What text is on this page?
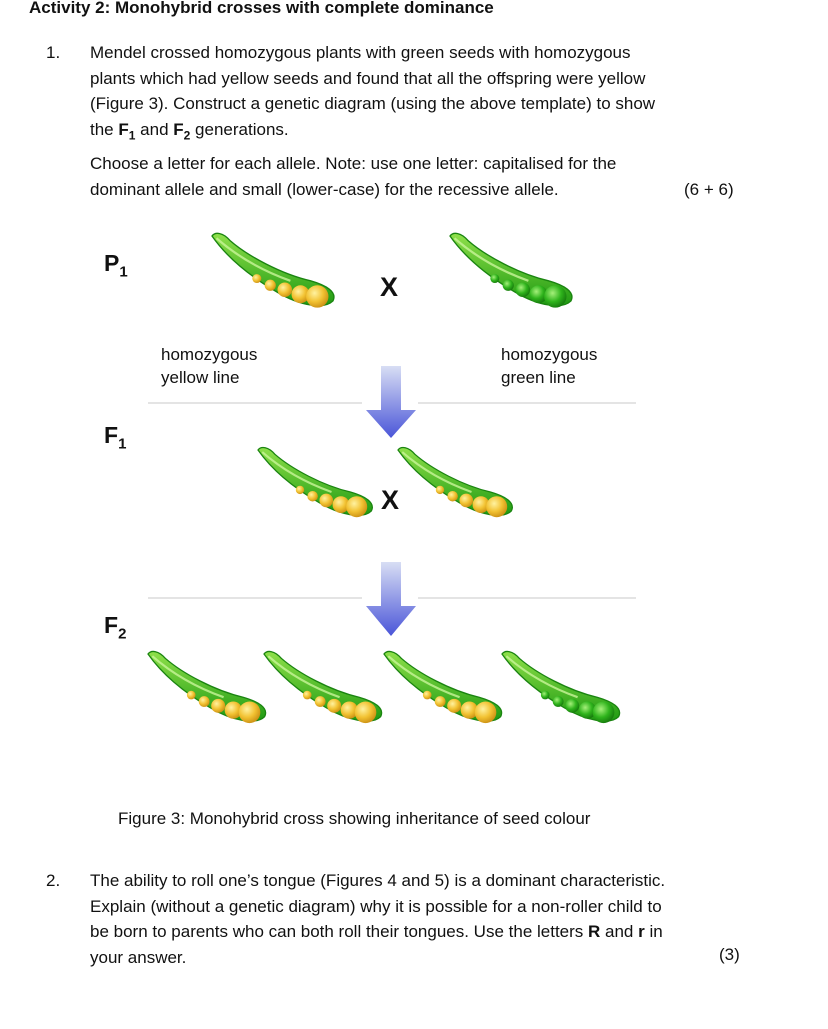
Activity 2: Monohybrid crosses with complete dominance
1. Mendel crossed homozygous plants with green seeds with homozygous
plants which had yellow seeds and found that all the offspring were yellow
(Figure 3). Construct a genetic diagram (using the above template) to show
the $F_1$ and $F_2$ generations.
Choose a letter for each allele. Note: use one letter: capitalised for the
dominant allele and small (lower-case) for the recessive allele.	(6 + 6)
$P_1$
$F_1$
$F_2$
X
X
homozygous
yellow line
homozygous
green line
Figure 3: Monohybrid cross showing inheritance of seed colour
2. The ability to roll one’s tongue (Figures 4 and 5) is a dominant characteristic.
Explain (without a genetic diagram) why it is possible for a non-roller child to
be born to parents who can both roll their tongues. Use the letters R and r in
your answer.	(3)
